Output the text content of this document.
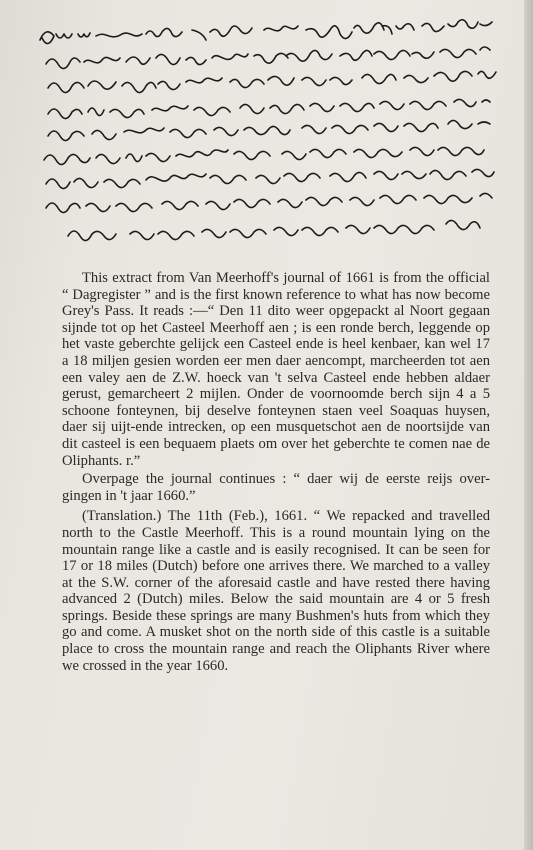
This extract from Van Meerhoff's journal of 1661 is from the official “ Dagregister ” and is the first known reference to what has now become Grey's Pass. It reads :—“ Den 11 dito weer opgepackt al Noort gegaan sijnde tot op het Casteel Meerhoff aen ; is een ronde berch, leggende op het vaste geberchte gelijck een Casteel ende is heel kenbaer, kan wel 17 a 18 miljen gesien worden eer men daer aencompt, marcheerden tot aen een valey aen de Z.W. hoeck van 't selva Casteel ende hebben aldaer gerust, gemarcheert 2 mijlen. Onder de voornoomde berch sijn 4 a 5 schoone fonteynen, bij deselve fonteynen staen veel Soaquas huysen, daer sij uijt-ende intrecken, op een musquetschot aen de noortsijde van dit casteel is een bequaem plaets om over het geberchte te comen nae de Oliphants. r.”

Overpage the journal continues : “ daer wij de eerste reijs over-gingen in 't jaar 1660.”

(Translation.) The 11th (Feb.), 1661. “ We repacked and travelled north to the Castle Meerhoff. This is a round mountain lying on the mountain range like a castle and is easily recognised. It can be seen for 17 or 18 miles (Dutch) before one arrives there. We marched to a valley at the S.W. corner of the aforesaid castle and have rested there having advanced 2 (Dutch) miles. Below the said mountain are 4 or 5 fresh springs. Beside these springs are many Bushmen's huts from which they go and come. A musket shot on the north side of this castle is a suitable place to cross the mountain range and reach the Oliphants River where we crossed in the year 1660.
